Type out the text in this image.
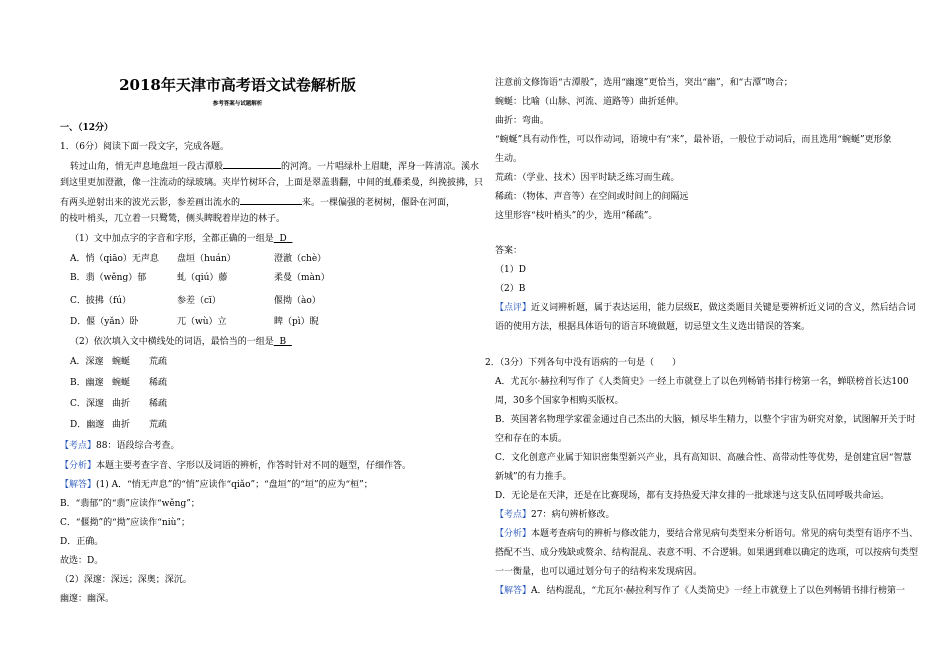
2018年天津市高考语文试卷解析版
参考答案与试题解析
一、（12分）
1．（6分）阅读下面一段文字，完成各题。
转过山角，悄无声息地盘垣一段古潭般	的河湾。一片唱绿朴上眉睫，浑身一阵清凉。溪水
到这里更加澄澈，像一注流动的绿玻璃。夹岸竹树环合，上面是翠盖翡翻，中间的虬藤柔曼，纠挽披拂，只
有两头逆射出来的波光云影，参差画出流水的	来。一棵偏强的老树树，偃卧在河面，
的枝叶梢头，兀立着一只鹭鸶，侧头睥睨着岸边的林子。
（1）文中加点字的字音和字形，全都正确的一组是 D
A．悄（qiāo）无声息 盘垣（huán）	澄澈（chè）
B．翡（wěng）郁	虬（qiú）藤	柔曼（màn）
C．披拂（fú）	参差（cī）	偃拗（ào）
D．偃（yǎn）卧	兀（wù）立	睥（pì）睨
（2）依次填入文中横线处的词语，最恰当的一组是 B
A．深邃 蜿蜒 荒疏
B．幽邃 蜿蜒 稀疏
C．深邃 曲折 稀疏
D．幽邃 曲折 荒疏
【考点】88：语段综合考查。
【分析】本题主要考查字音、字形以及词语的辨析，作答时针对不同的题型，仔细作答。
【解答】(1) A．“悄无声息”的“悄”应读作“qiǎo”；“盘垣”的“垣”的应为“桓”；
B．“翡郁”的“翡”应读作“wěng”；
C．“偃拗”的“拗”应读作“niù”；
D．正确。
故选：D。
（2）深邃：深远；深奥；深沉。
幽邃：幽深。
注意前文修饰语“古潭般”，选用“幽邃”更恰当，突出“幽”，和“古潭”吻合；
蜿蜒：比喻（山脉、河流、道路等）曲折延伸。
曲折：弯曲。
“蜿蜒”具有动作性，可以作动词，语境中有“来”，最补语，一般位于动词后，而且选用“蜿蜒”更形象
生动。
荒疏：（学业、技术）因平时缺乏练习而生疏。
稀疏：（物体、声音等）在空间或时间上的间隔远
这里形容“枝叶梢头”的少，选用“稀疏”。
答案：
（1）D
（2）B
【点评】近义词辨析题，属于表达运用，能力层级E，做这类题目关键是要辨析近义词的含义，然后结合词
语的使用方法，根据具体语句的语言环境做题，切忌望文生义选出错误的答案。
2．（3分）下列各句中没有语病的一句是（　　）
A．尤瓦尔·赫拉利写作了《人类简史》一经上市就登上了以色列畅销书排行榜第一名，蝉联榜首长达100
周，30多个国家争相购买版权。
B．英国著名物理学家霍金通过自己杰出的大脑，倾尽毕生精力，以整个宇宙为研究对象，试图解开关于时
空和存在的本质。
C．文化创意产业属于知识密集型新兴产业，具有高知识、高融合性、高带动性等优势，是创建宜居“智慧
新城”的有力推手。
D．无论是在天津，还是在比赛现场，都有支持热爱天津女排的一批球迷与这支队伍同呼吸共命运。
【考点】27：病句辨析修改。
【分析】本题考查病句的辨析与修改能力，要结合常见病句类型来分析语句。常见的病句类型有语序不当、
搭配不当、成分残缺或赘余、结构混乱、表意不明、不合逻辑。如果遇到难以确定的选项，可以按病句类型
一一衡量，也可以通过划分句子的结构来发现病因。
【解答】A．结构混乱，“尤瓦尔·赫拉利写作了《人类简史》一经上市就登上了以色列畅销书排行榜第一
